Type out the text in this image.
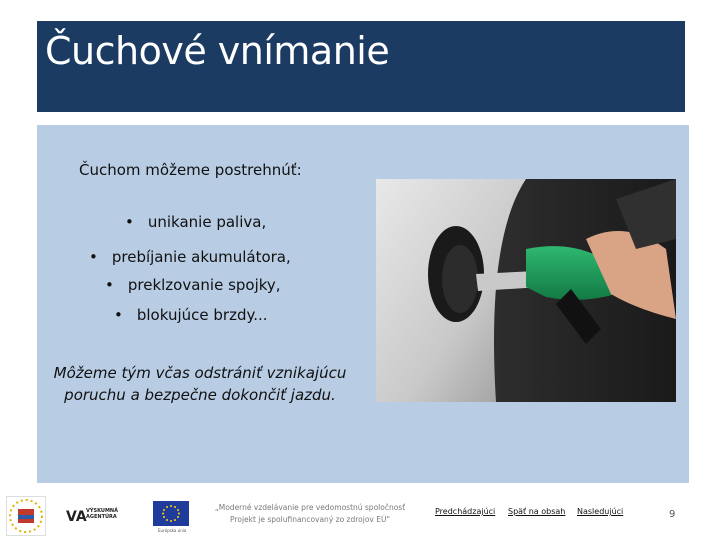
Čuchové vnímanie
Čuchom môžeme postrehnúť:
• unikanie paliva,
• prebíjanie akumulátora,
• preklzovanie spojky,
• blokujúce brzdy...
Môžeme tým včas odstrániť vznikajúcu poruchu a bezpečne dokončiť jazdu.
VA VÝSKUMNÁ
AGENTÚRA
Európska únia
„Moderné vzdelávanie pre vedomostnú spoločnosť
Projekt je spolufinancovaný zo zdrojov EÚ"
Predchádzajúci Späť na obsah Nasledujúci	9
